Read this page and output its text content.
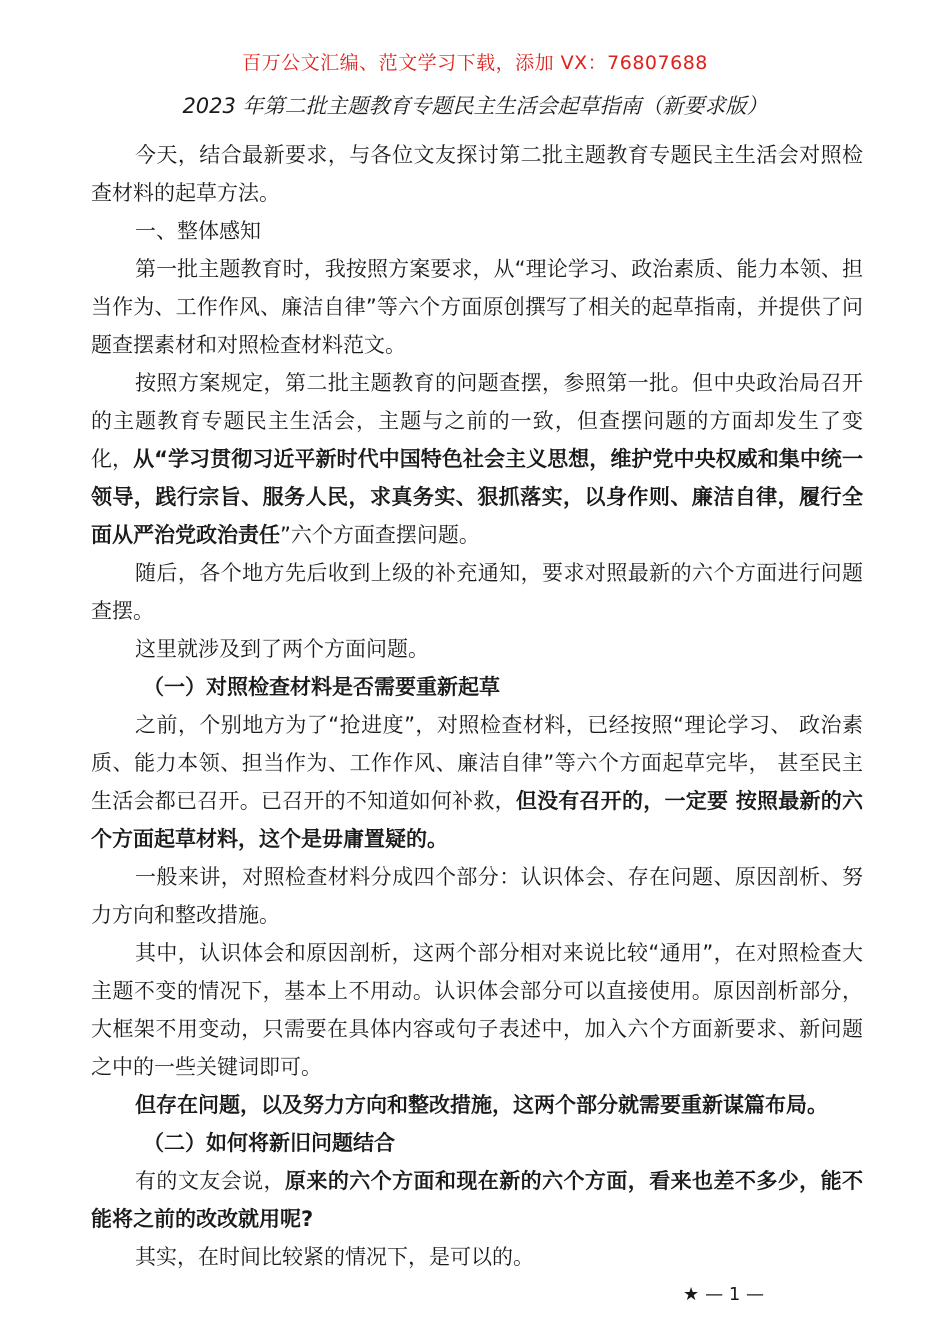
百万公文汇编、范文学习下载，添加 VX：76807688
2023 年第二批主题教育专题民主生活会起草指南（新要求版）

今天，结合最新要求，与各位文友探讨第二批主题教育专题民主生活会对照检查材料的起草方法。

一、整体感知

第一批主题教育时，我按照方案要求，从“理论学习、政治素质、能力本领、担当作为、工作作风、廉洁自律”等六个方面原创撰写了相关的起草指南，并提供了问题查摆素材和对照检查材料范文。

按照方案规定，第二批主题教育的问题查摆，参照第一批。但中央政治局召开的主题教育专题民主生活会，主题与之前的一致，但查摆问题的方面却发生了变化，从“学习贯彻习近平新时代中国特色社会主义思想，维护党中央权威和集中统一领导，践行宗旨、服务人民，求真务实、狠抓落实，以身作则、廉洁自律，履行全面从严治党政治责任”六个方面查摆问题。

随后，各个地方先后收到上级的补充通知，要求对照最新的六个方面进行问题查摆。

这里就涉及到了两个方面问题。

（一）对照检查材料是否需要重新起草

之前，个别地方为了“抢进度”，对照检查材料，已经按照“理论学习、 政治素质、能力本领、担当作为、工作作风、廉洁自律”等六个方面起草完毕， 甚至民主生活会都已召开。已召开的不知道如何补救，但没有召开的，一定要 按照最新的六个方面起草材料，这个是毋庸置疑的。

一般来讲，对照检查材料分成四个部分：认识体会、存在问题、原因剖析、努力方向和整改措施。

其中，认识体会和原因剖析，这两个部分相对来说比较“通用”，在对照检查大主题不变的情况下，基本上不用动。认识体会部分可以直接使用。原因剖析部分，大框架不用变动，只需要在具体内容或句子表述中，加入六个方面新要求、新问题之中的一些关键词即可。

但存在问题，以及努力方向和整改措施，这两个部分就需要重新谋篇布局。

（二）如何将新旧问题结合

有的文友会说，原来的六个方面和现在新的六个方面，看来也差不多少，能不能将之前的改改就用呢?

其实，在时间比较紧的情况下，是可以的。

★ — 1 —
